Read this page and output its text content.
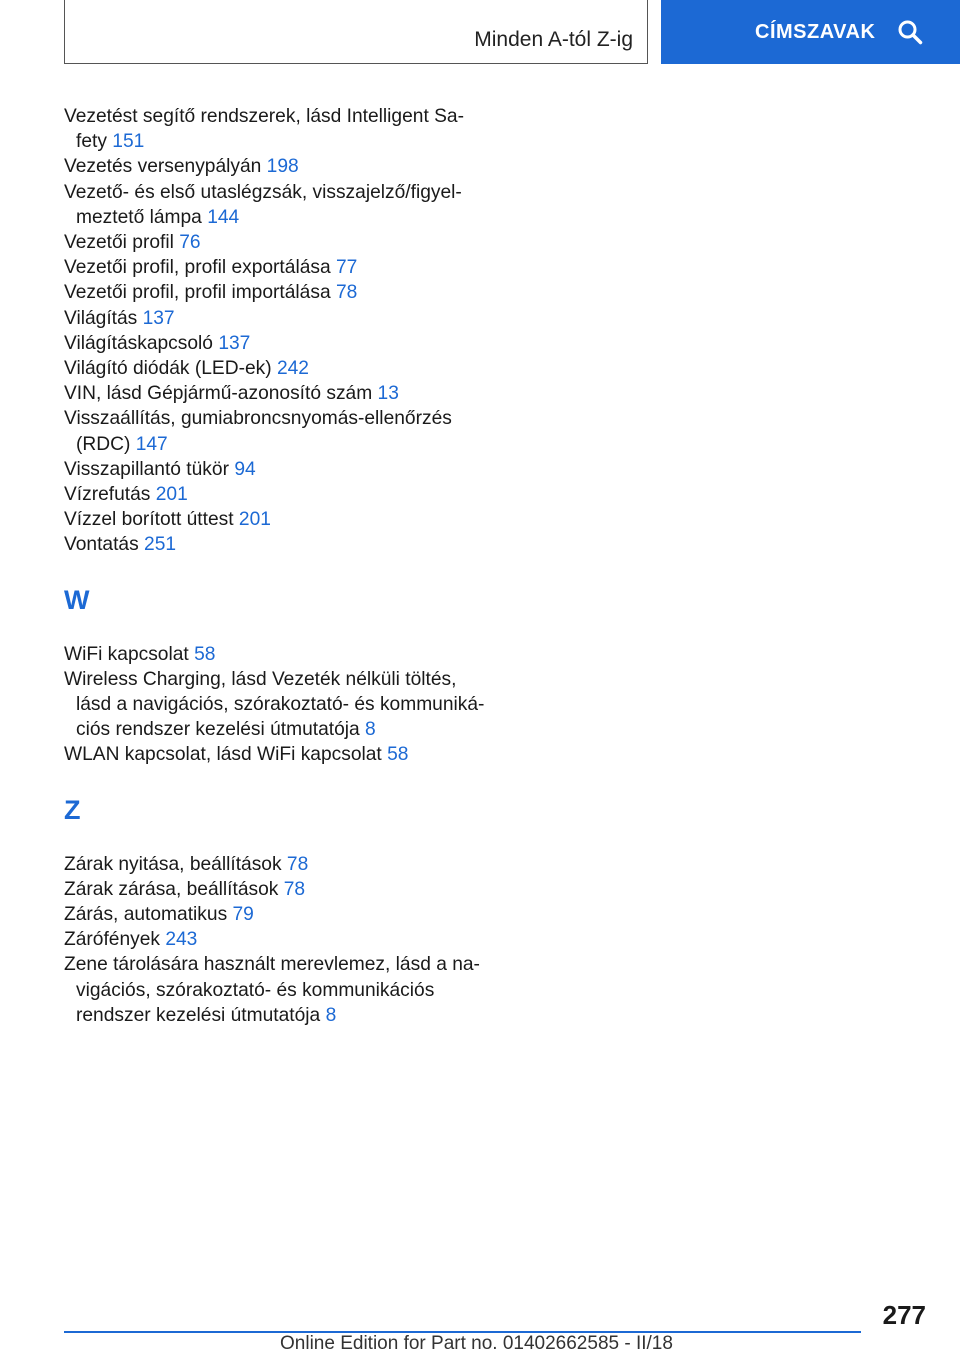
Minden A-tól Z-ig	CÍMSZAVAK

Vezetést segítő rendszerek, lásd Intelligent Sa-
fety 151

Vezetés versenypályán 198

Vezető- és első utaslégzsák, visszajelző/figyel-
meztető lámpa 144

Vezetői profil 76

Vezetői profil, profil exportálása 77

Vezetői profil, profil importálása 78

Világítás 137

Világításkapcsoló 137

Világító diódák (LED-ek) 242

VIN, lásd Gépjármű-azonosító szám 13

Visszaállítás, gumiabroncsnyomás-ellenőrzés
(RDC) 147

Visszapillantó tükör 94

Vízrefutás 201

Vízzel borított úttest 201

Vontatás 251

W

WiFi kapcsolat 58

Wireless Charging, lásd Vezeték nélküli töltés,
lásd a navigációs, szórakoztató- és kommuniká-
ciós rendszer kezelési útmutatója 8

WLAN kapcsolat, lásd WiFi kapcsolat 58

Z

Zárak nyitása, beállítások 78

Zárak zárása, beállítások 78

Zárás, automatikus 79

Zárófények 243

Zene tárolására használt merevlemez, lásd a na-
vigációs, szórakoztató- és kommunikációs
rendszer kezelési útmutatója 8

277
Online Edition for Part no. 01402662585 - II/18
